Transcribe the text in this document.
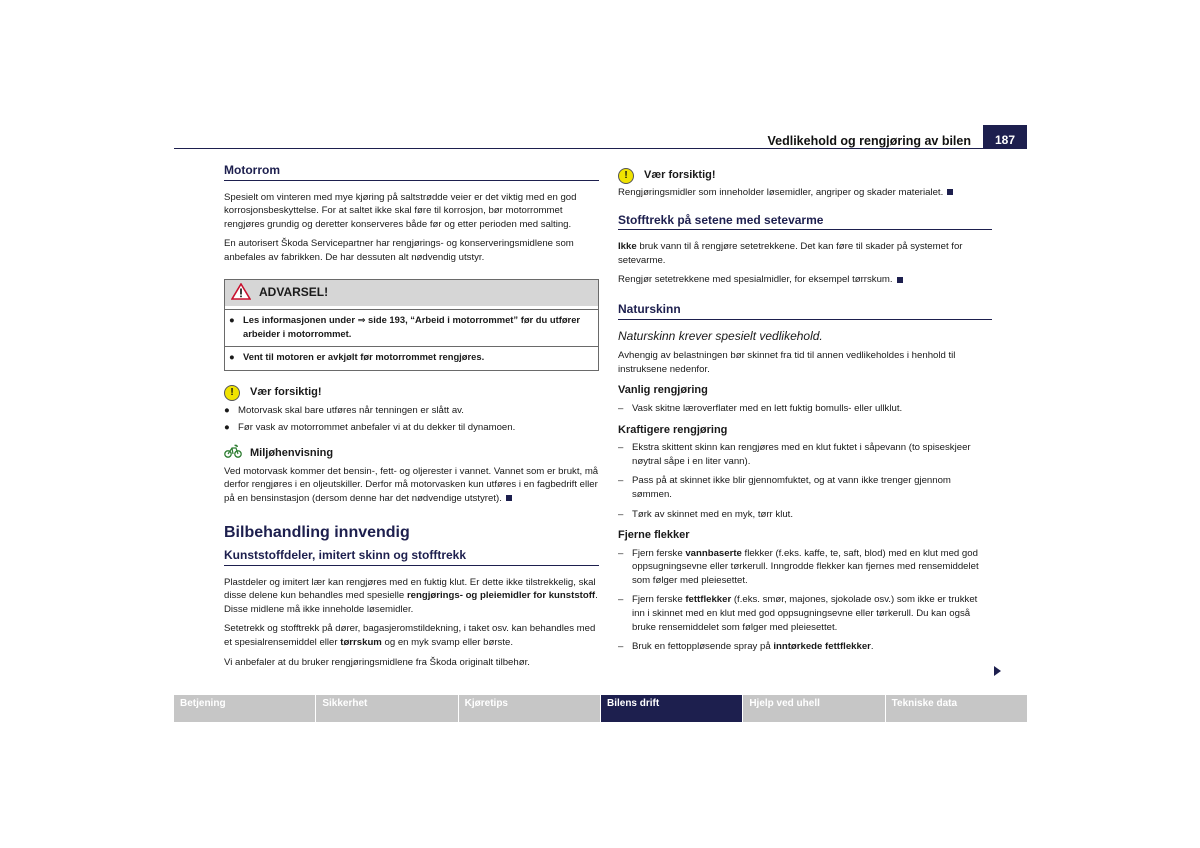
Vedlikehold og rengjøring av bilen	187
Motorrom

Spesielt om vinteren med mye kjøring på saltstrødde veier er det viktig med en god korrosjonsbeskyttelse. For at saltet ikke skal føre til korrosjon, bør motorrommet rengjøres grundig og deretter konserveres både før og etter perioden med salting.

En autorisert Škoda Servicepartner har rengjørings- og konserveringsmidlene som anbefales av fabrikken. De har dessuten alt nødvendig utstyr.

ADVARSEL!
● Les informasjonen under ⇒ side 193, “Arbeid i motorrommet” før du utfører arbeider i motorrommet.
● Vent til motoren er avkjølt før motorrommet rengjøres.
!	Vær forsiktig!
● Motorvask skal bare utføres når tenningen er slått av.
● Før vask av motorrommet anbefaler vi at du dekker til dynamoen.
Miljøhenvisning

Ved motorvask kommer det bensin-, fett- og oljerester i vannet. Vannet som er brukt, må derfor rengjøres i en oljeutskiller. Derfor må motorvasken kun utføres i en fagbedrift eller på en bensinstasjon (dersom denne har det nødvendige utstyret).

Bilbehandling innvendig
Kunststoffdeler, imitert skinn og stofftrekk

Plastdeler og imitert lær kan rengjøres med en fuktig klut. Er dette ikke tilstrekkelig, skal disse delene kun behandles med spesielle rengjørings- og pleiemidler for kunststoff. Disse midlene må ikke inneholde løsemidler.

Setetrekk og stofftrekk på dører, bagasjeromstildekning, i taket osv. kan behandles med et spesialrensemiddel eller tørrskum og en myk svamp eller børste.

Vi anbefaler at du bruker rengjøringsmidlene fra Škoda originalt tilbehør.

!	Vær forsiktig!

Rengjøringsmidler som inneholder løsemidler, angriper og skader materialet.

Stofftrekk på setene med setevarme

Ikke bruk vann til å rengjøre setetrekkene. Det kan føre til skader på systemet for setevarme.

Rengjør setetrekkene med spesialmidler, for eksempel tørrskum.

Naturskinn
Naturskinn krever spesielt vedlikehold.

Avhengig av belastningen bør skinnet fra tid til annen vedlikeholdes i henhold til instruksene nedenfor.

Vanlig rengjøring
– Vask skitne læroverflater med en lett fuktig bomulls- eller ullklut.
Kraftigere rengjøring
– Ekstra skittent skinn kan rengjøres med en klut fuktet i såpevann (to spiseskjeer nøytral såpe i en liter vann).
– Pass på at skinnet ikke blir gjennomfuktet, og at vann ikke trenger gjennom sømmen.
– Tørk av skinnet med en myk, tørr klut.
Fjerne flekker
– Fjern ferske vannbaserte flekker (f.eks. kaffe, te, saft, blod) med en klut med god oppsugningsevne eller tørkerull. Inngrodde flekker kan fjernes med rensemiddelet som følger med pleiesettet.
– Fjern ferske fettflekker (f.eks. smør, majones, sjokolade osv.) som ikke er trukket inn i skinnet med en klut med god oppsugningsevne eller tørkerull. Du kan også bruke rensemiddelet som følger med pleiesettet.
– Bruk en fettoppløsende spray på inntørkede fettflekker.
Betjening	Sikkerhet	Kjøretips	Bilens drift	Hjelp ved uhell	Tekniske data
